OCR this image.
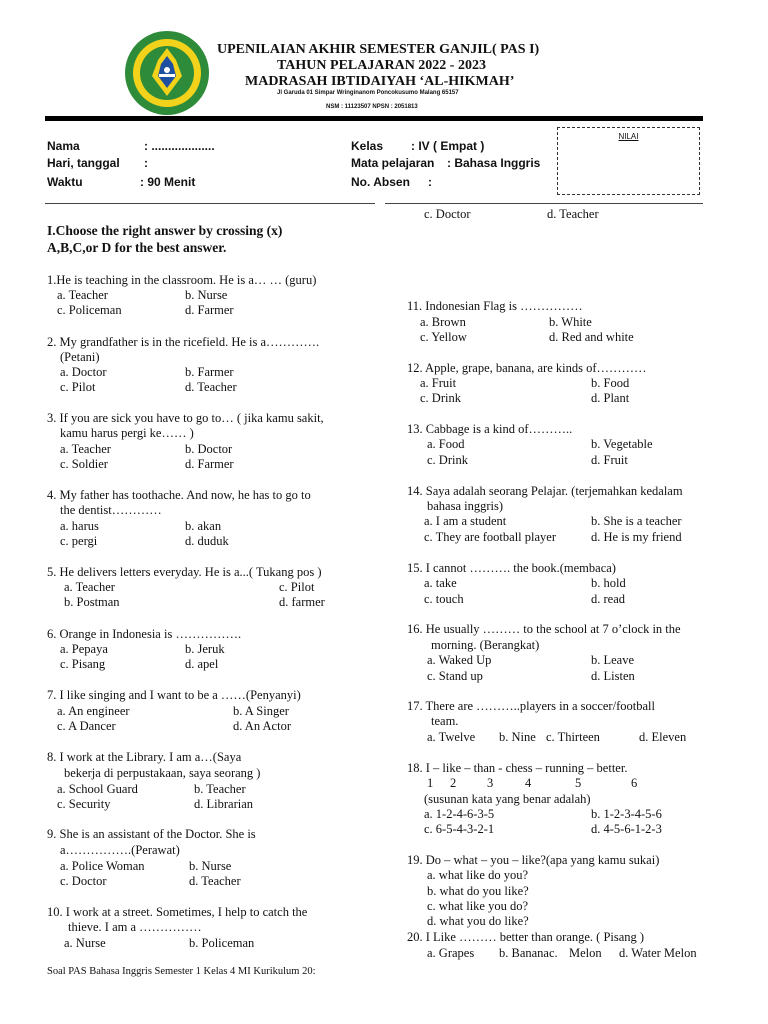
UPENILAIAN AKHIR SEMESTER GANJIL( PAS I)
TAHUN PELAJARAN 2022 - 2023
MADRASAH IBTIDAIYAH ‘AL-HIKMAH’
Jl Garuda 01 Simpar Wringinanom Poncokusumo Malang 65157
NSM : 11123507 NPSN : 2051813
Nama	: ...................
Hari, tanggal :
Waktu	: 90 Menit
Kelas : IV ( Empat )
Mata pelajaran : Bahasa Inggris
No. Absen :
NILAI
I.Choose the right answer by crossing (x)
A,B,C,or D for the best answer.
1.He is teaching in the classroom. He is a… … (guru)
a. Teacher	b. Nurse
c. Policeman	d. Farmer
2. My grandfather is in the ricefield. He is a………….
(Petani)
a. Doctor	b. Farmer
c. Pilot	d. Teacher
3. If you are sick you have to go to… ( jika kamu sakit,
kamu harus pergi ke…… )
a. Teacher	b. Doctor
c. Soldier	d. Farmer
4. My father has toothache. And now, he has to go to
the dentist…………
a. harus	b. akan
c. pergi	d. duduk
5. He delivers letters everyday. He is a...( Tukang pos )
a. Teacher	c. Pilot
b. Postman	d. farmer
6. Orange in Indonesia is …………….
a. Pepaya	b. Jeruk
c. Pisang	d. apel
7. I like singing and I want to be a ……(Penyanyi)
a. An engineer	b. A Singer
c. A Dancer	d. An Actor
8. I work at the Library. I am a…(Saya
bekerja di perpustakaan, saya seorang )
a. School Guard	b. Teacher
c. Security	d. Librarian
9. She is an assistant of the Doctor. She is
a…………….(Perawat)
a. Police Woman	b. Nurse
c. Doctor	d. Teacher
10. I work at a street. Sometimes, I help to catch the
thieve. I am a ……………
a. Nurse	b. Policeman
c. Doctor	d. Teacher
11. Indonesian Flag is ……………
a. Brown	b. White
c. Yellow	d. Red and white
12. Apple, grape, banana, are kinds of…………
a. Fruit	b. Food
c. Drink	d. Plant
13. Cabbage is a kind of………..
a. Food	b. Vegetable
c. Drink	d. Fruit
14. Saya adalah seorang Pelajar. (terjemahkan kedalam
bahasa inggris)
a. I am a student	b. She is a teacher
c. They are football player	d. He is my friend
15. I cannot ………. the book.(membaca)
a. take	b. hold
c. touch	d. read
16. He usually ……… to the school at 7 o’clock in the
morning. (Berangkat)
a. Waked Up	b. Leave
c. Stand up	d. Listen
17. There are ………..players in a soccer/football
team.
a. Twelve b. Nine c. Thirteen	d. Eleven
18. I – like – than - chess – running – better.
1 2 3	4	5	6
(susunan kata yang benar adalah)
a. 1-2-4-6-3-5	b. 1-2-3-4-5-6
c. 6-5-4-3-2-1	d. 4-5-6-1-2-3
19. Do – what – you – like?(apa yang kamu sukai)
a. what like do you?
b. what do you like?
c. what like you do?
d. what you do like?
20. I Like ……… better than orange. ( Pisang )
a. Grapes b. Bananac. Melon d. Water Melon
Soal PAS Bahasa Inggris Semester 1 Kelas 4 MI Kurikulum 20:
